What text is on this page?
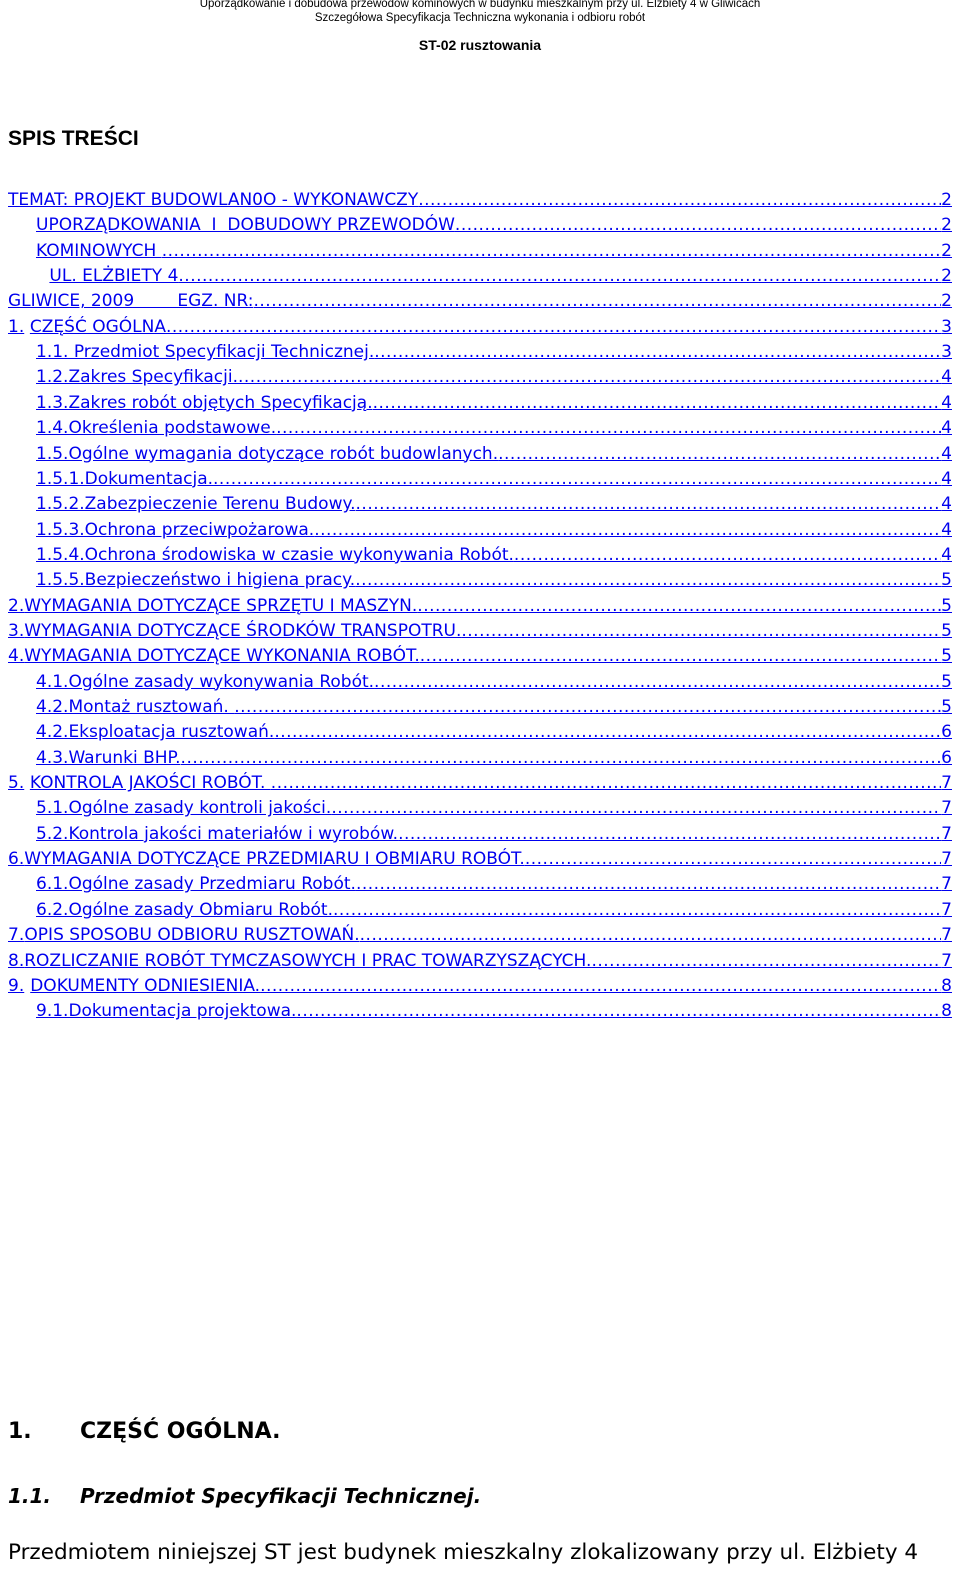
Uporządkowanie i dobudowa przewodów kominowych w budynku mieszkalnym przy ul. Elżbiety 4 w Gliwicach
Szczegółowa Specyfikacja Techniczna wykonania i odbioru robót
ST-02 rusztowania
SPIS TREŚCI
TEMAT: PROJEKT BUDOWLAN0O - WYKONAWCZY .....	2
UPORZĄDKOWANIA  I  DOBUDOWY PRZEWODÓW .....	2
KOMINOWYCH .....	2
UL. ELŻBIETY 4 .....	2
GLIWICE, 2009        EGZ. NR: .....	2
1. CZĘŚĆ OGÓLNA .....	3
1.1. Przedmiot Specyfikacji Technicznej. .....	3
1.2.Zakres Specyfikacji. .....	4
1.3.Zakres robót objętych Specyfikacją. .....	4
1.4.Określenia podstawowe. .....	4
1.5.Ogólne wymagania dotyczące robót budowlanych. .....	4
1.5.1.Dokumentacja. .....	4
1.5.2.Zabezpieczenie Terenu Budowy. .....	4
1.5.3.Ochrona przeciwpożarowa. .....	4
1.5.4.Ochrona środowiska w czasie wykonywania Robót. .....	4
1.5.5.Bezpieczeństwo i higiena pracy. .....	5
2. WYMAGANIA DOTYCZĄCE SPRZĘTU I MASZYN. .....	5
3. WYMAGANIA DOTYCZĄCE ŚRODKÓW TRANSPOTRU. .....	5
4. WYMAGANIA DOTYCZĄCE WYKONANIA ROBÓT. .....	5
4.1.Ogólne zasady wykonywania Robót. .....	5
4.2.Montaż rusztowań. .....	5
4.2.Eksploatacja rusztowań. .....	6
4.3.Warunki BHP. .....	6
5. KONTROLA JAKOŚCI ROBÓT. .....	7
5.1.Ogólne zasady kontroli jakości. .....	7
5.2.Kontrola jakości materiałów i wyrobów. .....	7
6. WYMAGANIA DOTYCZĄCE PRZEDMIARU I OBMIARU ROBÓT. .....	7
6.1.Ogólne zasady Przedmiaru Robót. .....	7
6.2.Ogólne zasady Obmiaru Robót. .....	7
7. OPIS SPOSOBU ODBIORU RUSZTOWAŃ. .....	7
8. ROZLICZANIE ROBÓT TYMCZASOWYCH I PRAC TOWARZYSZĄCYCH. .....	7
9. DOKUMENTY ODNIESIENIA. .....	8
9.1.Dokumentacja projektowa. .....	8
1.	CZĘŚĆ OGÓLNA.
1.1.	Przedmiot Specyfikacji Technicznej.
Przedmiotem niniejszej ST jest budynek mieszkalny zlokalizowany przy ul. Elżbiety 4
